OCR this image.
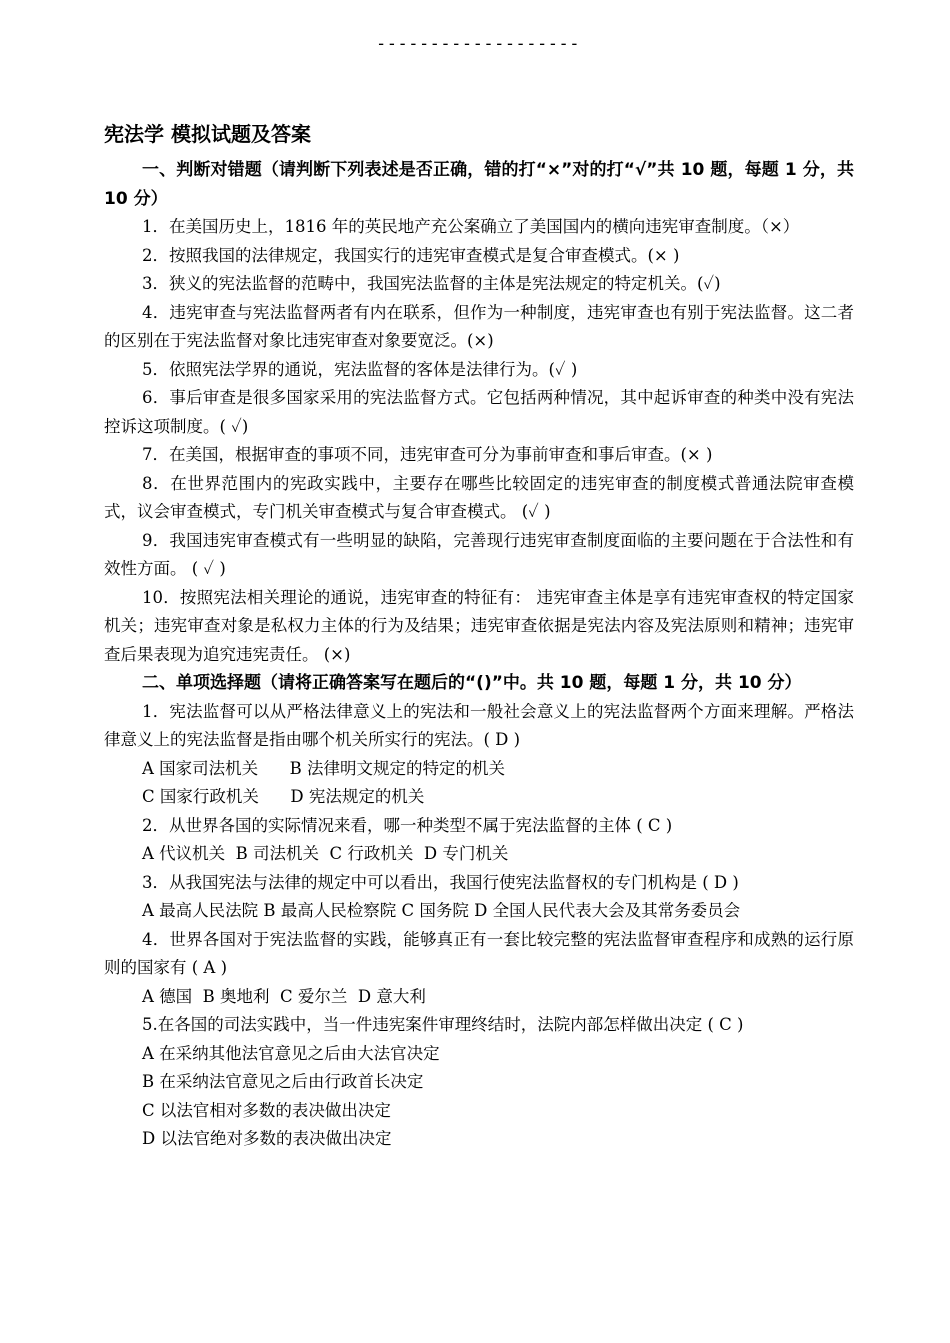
-------------------
宪法学 模拟试题及答案
一、判断对错题（请判断下列表述是否正确，错的打“×”对的打“√”共 10 题，每题 1 分，共 10 分）
1．在美国历史上，1816 年的英民地产充公案确立了美国国内的横向违宪审查制度。（×）
2．按照我国的法律规定，我国实行的违宪审查模式是复合审查模式。(× )
3．狭义的宪法监督的范畴中，我国宪法监督的主体是宪法规定的特定机关。(✓)
4．违宪审查与宪法监督两者有内在联系，但作为一种制度，违宪审查也有别于宪法监督。这二者的区别在于宪法监督对象比违宪审查对象要宽泛。(×)
5．依照宪法学界的通说，宪法监督的客体是法律行为。(✓ )
6．事后审查是很多国家采用的宪法监督方式。它包括两种情况，其中起诉审查的种类中没有宪法控诉这项制度。( ✓)
7．在美国，根据审查的事项不同，违宪审查可分为事前审查和事后审查。(× )
8．在世界范围内的宪政实践中，主要存在哪些比较固定的违宪审查的制度模式普通法院审查模式，议会审查模式，专门机关审查模式与复合审查模式。 (✓ )
9．我国违宪审查模式有一些明显的缺陷，完善现行违宪审查制度面临的主要问题在于合法性和有效性方面。 ( ✓ )
10．按照宪法相关理论的通说，违宪审查的特征有： 违宪审查主体是享有违宪审查权的特定国家机关；违宪审查对象是私权力主体的行为及结果；违宪审查依据是宪法内容及宪法原则和精神；违宪审查后果表现为追究违宪责任。 (×)
二、单项选择题（请将正确答案写在题后的“()”中。共 10 题，每题 1 分，共 10 分）
1．宪法监督可以从严格法律意义上的宪法和一般社会意义上的宪法监督两个方面来理解。严格法律意义上的宪法监督是指由哪个机关所实行的宪法。( D )
A 国家司法机关      B 法律明文规定的特定的机关
C 国家行政机关      D 宪法规定的机关
2．从世界各国的实际情况来看，哪一种类型不属于宪法监督的主体 ( C )
A 代议机关  B 司法机关  C 行政机关  D 专门机关
3．从我国宪法与法律的规定中可以看出，我国行使宪法监督权的专门机构是 ( D )
A 最高人民法院 B 最高人民检察院 C 国务院 D 全国人民代表大会及其常务委员会
4．世界各国对于宪法监督的实践，能够真正有一套比较完整的宪法监督审查程序和成熟的运行原则的国家有 ( A )
A 德国  B 奥地利  C 爱尔兰  D 意大利
5.在各国的司法实践中，当一件违宪案件审理终结时，法院内部怎样做出决定 ( C )
A 在采纳其他法官意见之后由大法官决定
B 在采纳法官意见之后由行政首长决定
C 以法官相对多数的表决做出决定
D 以法官绝对多数的表决做出决定
